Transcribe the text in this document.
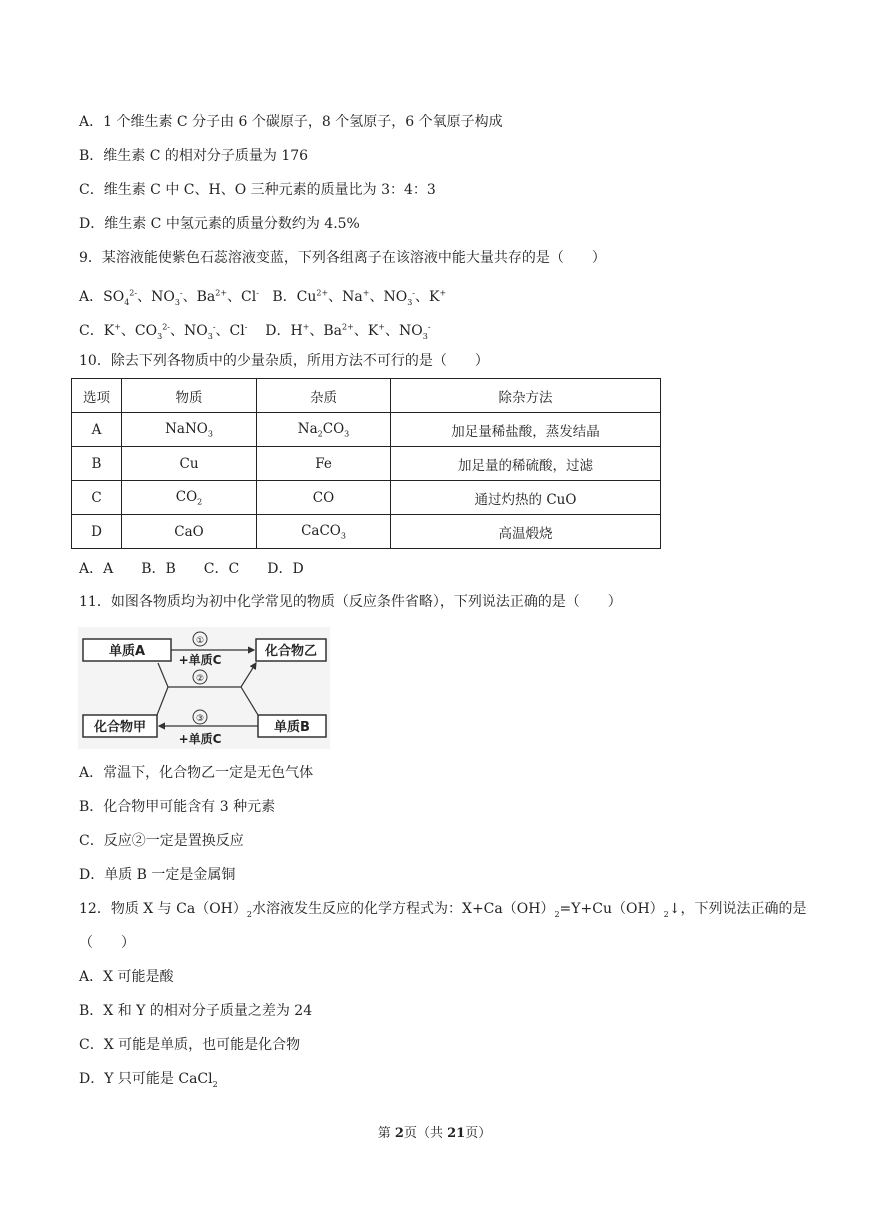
A．1 个维生素 C 分子由 6 个碳原子，8 个氢原子，6 个氧原子构成
B．维生素 C 的相对分子质量为 176
C．维生素 C 中 C、H、O 三种元素的质量比为 3：4：3
D．维生素 C 中氢元素的质量分数约为 4.5%
9．某溶液能使紫色石蕊溶液变蓝，下列各组离子在该溶液中能大量共存的是（　　）
A．$SO_4^{2-}$、$NO_3^-$、$Ba^{2+}$、Cl- B．$Cu^{2+}$、Na+、$NO_3^-$、K+
C．K+、$CO_3^{2-}$、$NO_3^-$、Cl- D．H+、$Ba^{2+}$、K+、$NO_3^-$
10．除去下列各物质中的少量杂质，所用方法不可行的是（　　）
选项	物质	杂质	除杂方法
A	NaNO$_3$	$Na_2CO_3$	加足量稀盐酸，蒸发结晶
B	Cu	Fe	加足量的稀硫酸，过滤
C	$CO_2$	CO	通过灼热的 CuO
D	CaO	CaCO$_3$	高温煅烧
A．A　　B．B　　C．C　　D．D
11．如图各物质均为初中化学常见的物质（反应条件省略），下列说法正确的是（　　）
单质A	化合物乙
化合物甲	单质B
①
+单质C
②
③
+单质C
A．常温下，化合物乙一定是无色气体
B．化合物甲可能含有 3 种元素
C．反应②一定是置换反应
D．单质 B 一定是金属铜
12．物质 X 与 $Ca(OH)_2$水溶液发生反应的化学方程式为：$X+Ca(OH)_2=Y+Cu(OH)_2↓$，下列说法正确的是
（　　）
A．X 可能是酸
B．X 和 Y 的相对分子质量之差为 24
C．X 可能是单质，也可能是化合物
D．Y 只可能是 CaCl$_2$
第 2页（共 21页）
